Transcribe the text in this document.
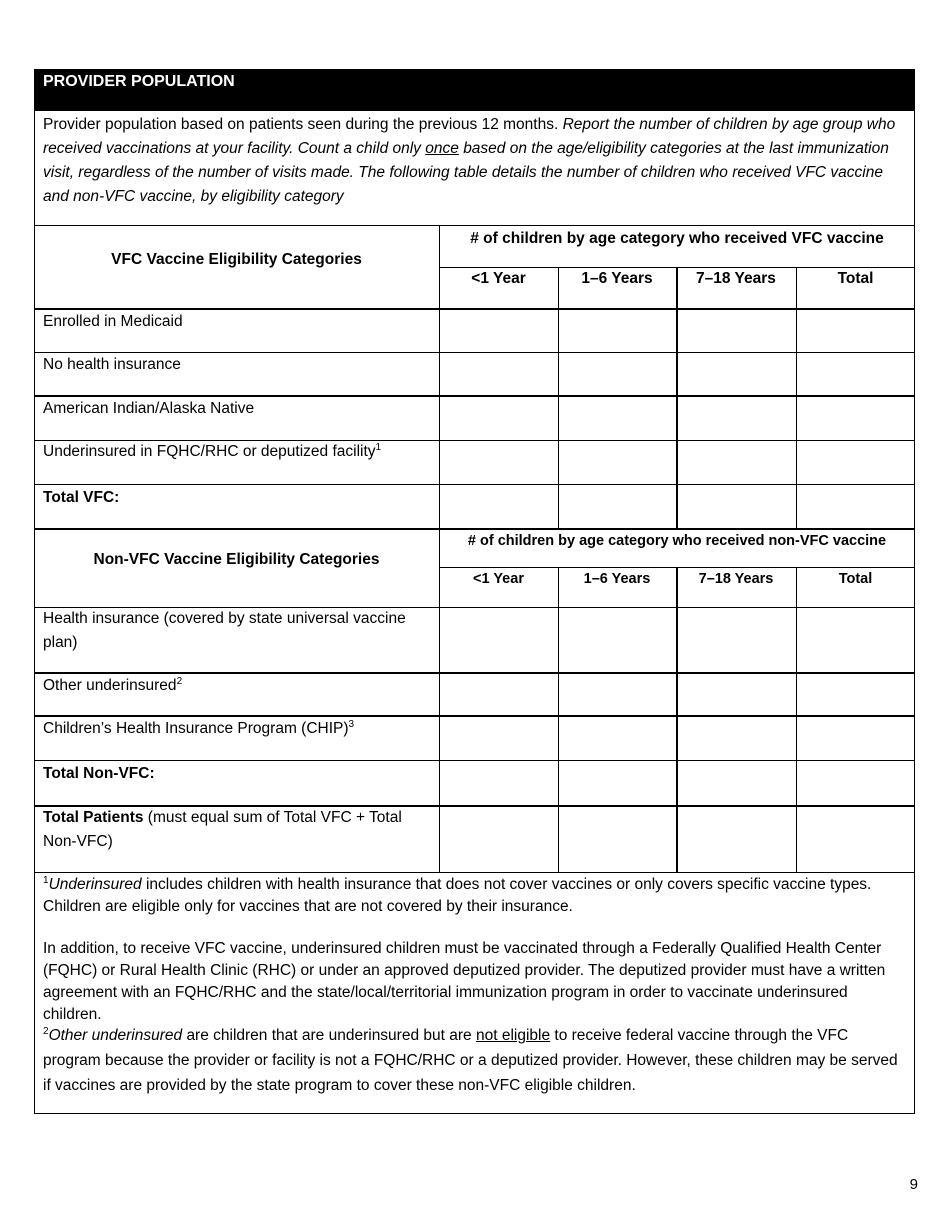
PROVIDER POPULATION

Provider population based on patients seen during the previous 12 months. Report the number of children by age group who received vaccinations at your facility. Count a child only once based on the age/eligibility categories at the last immunization visit, regardless of the number of visits made. The following table details the number of children who received VFC vaccine and non-VFC vaccine, by eligibility category

VFC Vaccine Eligibility Categories
# of children by age category who received VFC vaccine
<1 Year	1–6 Years	7–18 Years	Total
Enrolled in Medicaid
No health insurance
American Indian/Alaska Native
Underinsured in FQHC/RHC or deputized facility$^1$
Total VFC:
Non-VFC Vaccine Eligibility Categories
# of children by age category who received non-VFC vaccine
<1 Year	1–6 Years	7–18 Years	Total
Health insurance (covered by state universal vaccine plan)
Other underinsured$^2$
Children’s Health Insurance Program (CHIP)$^3$
Total Non-VFC:
Total Patients (must equal sum of Total VFC + Total Non-VFC)

$^1$Underinsured includes children with health insurance that does not cover vaccines or only covers specific vaccine types. Children are eligible only for vaccines that are not covered by their insurance.

In addition, to receive VFC vaccine, underinsured children must be vaccinated through a Federally Qualified Health Center (FQHC) or Rural Health Clinic (RHC) or under an approved deputized provider. The deputized provider must have a written agreement with an FQHC/RHC and the state/local/territorial immunization program in order to vaccinate underinsured children.

$^2$Other underinsured are children that are underinsured but are not eligible to receive federal vaccine through the VFC program because the provider or facility is not a FQHC/RHC or a deputized provider. However, these children may be served if vaccines are provided by the state program to cover these non-VFC eligible children.

9
